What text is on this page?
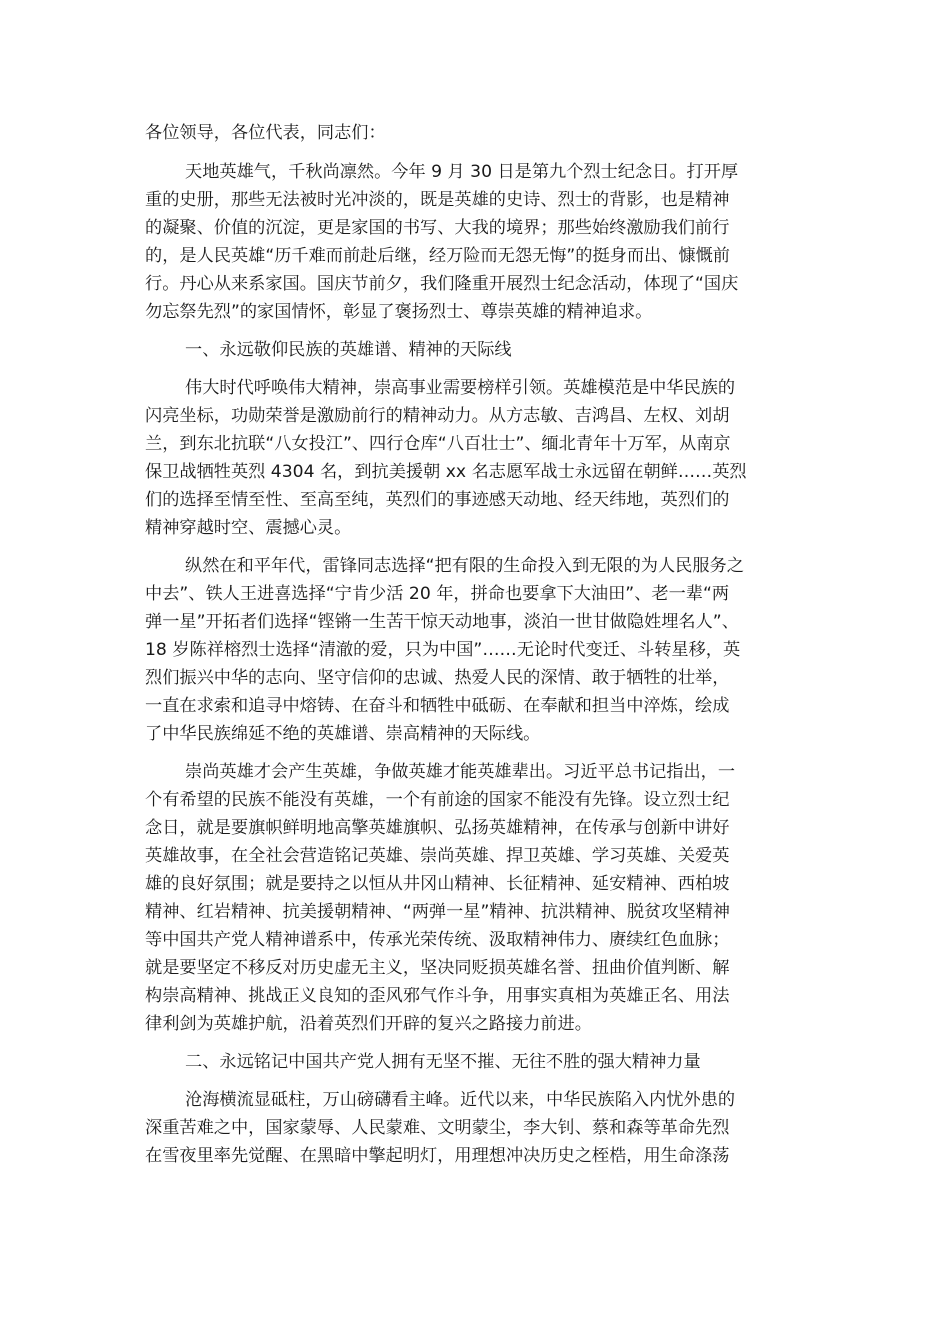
各位领导，各位代表，同志们：
天地英雄气，千秋尚凛然。今年 9 月 30 日是第九个烈士纪念日。打开厚
重的史册，那些无法被时光冲淡的，既是英雄的史诗、烈士的背影，也是精神
的凝聚、价值的沉淀，更是家国的书写、大我的境界；那些始终激励我们前行
的，是人民英雄“历千难而前赴后继，经万险而无怨无悔”的挺身而出、慷慨前
行。丹心从来系家国。国庆节前夕，我们隆重开展烈士纪念活动，体现了“国庆
勿忘祭先烈”的家国情怀，彰显了褒扬烈士、尊崇英雄的精神追求。
一、永远敬仰民族的英雄谱、精神的天际线
伟大时代呼唤伟大精神，崇高事业需要榜样引领。英雄模范是中华民族的
闪亮坐标，功勋荣誉是激励前行的精神动力。从方志敏、吉鸿昌、左权、刘胡
兰，到东北抗联“八女投江”、四行仓库“八百壮士”、缅北青年十万军，从南京
保卫战牺牲英烈 4304 名，到抗美援朝 xx 名志愿军战士永远留在朝鲜……英烈
们的选择至情至性、至高至纯，英烈们的事迹感天动地、经天纬地，英烈们的
精神穿越时空、震撼心灵。
纵然在和平年代，雷锋同志选择“把有限的生命投入到无限的为人民服务之
中去”、铁人王进喜选择“宁肯少活 20 年，拼命也要拿下大油田”、老一辈“两
弹一星”开拓者们选择“铿锵一生苦干惊天动地事，淡泊一世甘做隐姓埋名人”、
18 岁陈祥榕烈士选择“清澈的爱，只为中国”……无论时代变迁、斗转星移，英
烈们振兴中华的志向、坚守信仰的忠诚、热爱人民的深情、敢于牺牲的壮举，
一直在求索和追寻中熔铸、在奋斗和牺牲中砥砺、在奉献和担当中淬炼，绘成
了中华民族绵延不绝的英雄谱、崇高精神的天际线。
崇尚英雄才会产生英雄，争做英雄才能英雄辈出。习近平总书记指出，一
个有希望的民族不能没有英雄，一个有前途的国家不能没有先锋。设立烈士纪
念日，就是要旗帜鲜明地高擎英雄旗帜、弘扬英雄精神，在传承与创新中讲好
英雄故事，在全社会营造铭记英雄、崇尚英雄、捍卫英雄、学习英雄、关爱英
雄的良好氛围；就是要持之以恒从井冈山精神、长征精神、延安精神、西柏坡
精神、红岩精神、抗美援朝精神、“两弹一星”精神、抗洪精神、脱贫攻坚精神
等中国共产党人精神谱系中，传承光荣传统、汲取精神伟力、赓续红色血脉；
就是要坚定不移反对历史虚无主义，坚决同贬损英雄名誉、扭曲价值判断、解
构崇高精神、挑战正义良知的歪风邪气作斗争，用事实真相为英雄正名、用法
律利剑为英雄护航，沿着英烈们开辟的复兴之路接力前进。
二、永远铭记中国共产党人拥有无坚不摧、无往不胜的强大精神力量
沧海横流显砥柱，万山磅礴看主峰。近代以来，中华民族陷入内忧外患的
深重苦难之中，国家蒙辱、人民蒙难、文明蒙尘，李大钊、蔡和森等革命先烈
在雪夜里率先觉醒、在黑暗中擎起明灯，用理想冲决历史之桎梏，用生命涤荡
